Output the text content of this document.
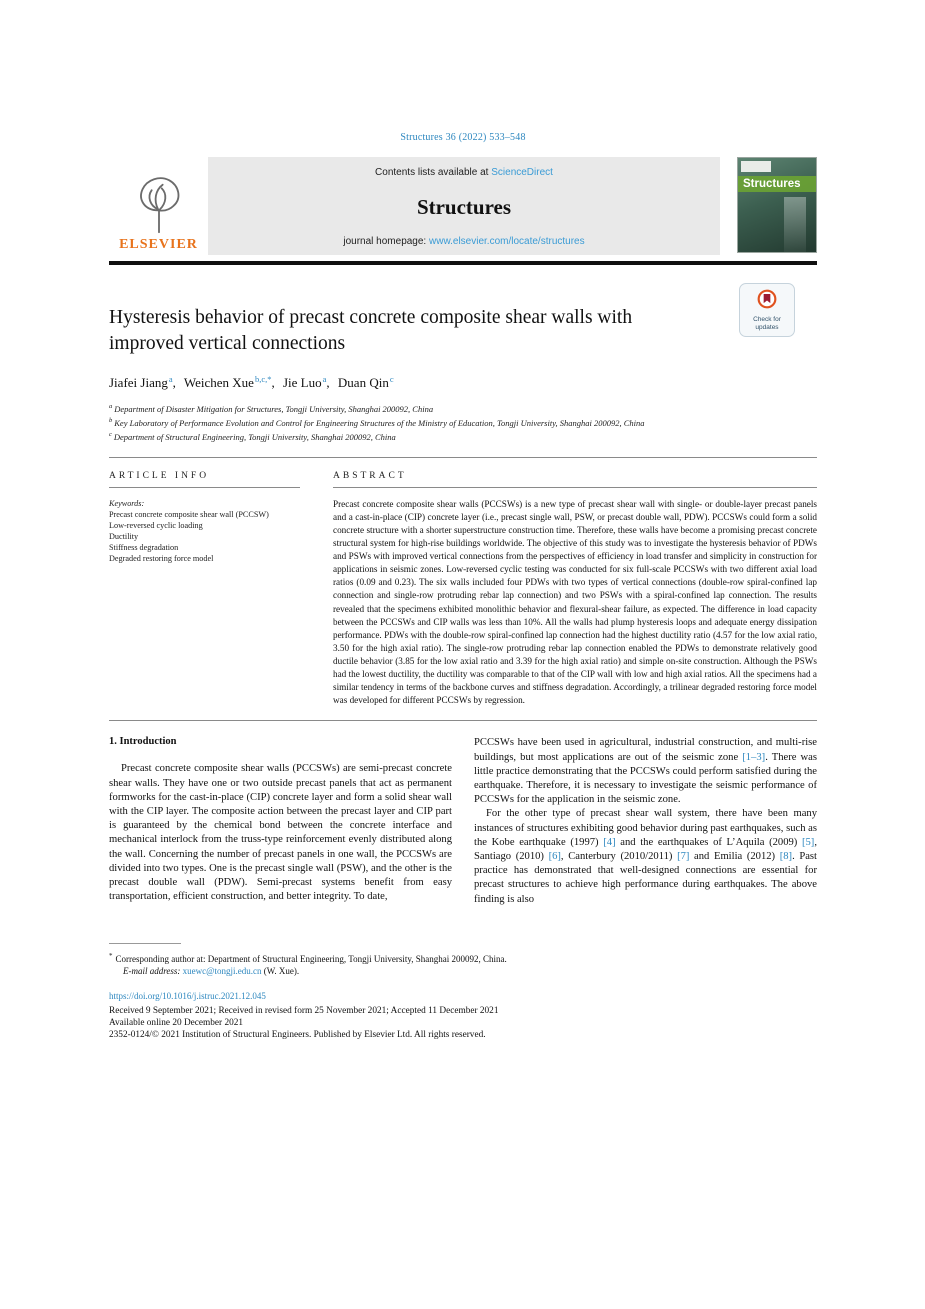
Structures 36 (2022) 533–548
ELSEVIER
Contents lists available at ScienceDirect
Structures
journal homepage: www.elsevier.com/locate/structures
Structures
Hysteresis behavior of precast concrete composite shear walls with improved vertical connections
Check for updates
Jiafei Jiang$^a$, Weichen Xue$^{b,c,*}$, Jie Luo$^a$, Duan Qin$^c$
$^a$ Department of Disaster Mitigation for Structures, Tongji University, Shanghai 200092, China
$^b$ Key Laboratory of Performance Evolution and Control for Engineering Structures of the Ministry of Education, Tongji University, Shanghai 200092, China
$^c$ Department of Structural Engineering, Tongji University, Shanghai 200092, China
ARTICLE INFO
Keywords:
Precast concrete composite shear wall (PCCSW)
Low-reversed cyclic loading
Ductility
Stiffness degradation
Degraded restoring force model
ABSTRACT

Precast concrete composite shear walls (PCCSWs) is a new type of precast shear wall with single- or double-layer precast panels and a cast-in-place (CIP) concrete layer (i.e., precast single wall, PSW, or precast double wall, PDW). PCCSWs could form a solid concrete structure with a shorter superstructure construction time. Therefore, these walls have become a promising precast concrete structural system for high-rise buildings worldwide. The objective of this study was to investigate the hysteresis behavior of PDWs and PSWs with improved vertical connections from the perspectives of efficiency in load transfer and simplicity in construction for applications in seismic zones. Low-reversed cyclic testing was conducted for six full-scale PCCSWs with two different axial load ratios (0.09 and 0.23). The six walls included four PDWs with two types of vertical connections (double-row spiral-confined lap connection and single-row protruding rebar lap connection) and two PSWs with a spiral-confined lap connection. The results revealed that the specimens exhibited monolithic behavior and flexural-shear failure, as expected. The difference in load capacity between the PCCSWs and CIP walls was less than 10%. All the walls had plump hysteresis loops and adequate energy dissipation performance. PDWs with the double-row spiral-confined lap connection had the highest ductility ratio (4.57 for the low axial ratio, 3.50 for the high axial ratio). The single-row protruding rebar lap connection enabled the PDWs to demonstrate relatively good ductile behavior (3.85 for the low axial ratio and 3.39 for the high axial ratio) and simple on-site construction. Although the PSWs had the lowest ductility, the ductility was comparable to that of the CIP wall with low and high axial ratios. All the specimens had a similar tendency in terms of the backbone curves and stiffness degradation. Accordingly, a trilinear degraded restoring force model was developed for different PCCSWs by regression.

1. Introduction

Precast concrete composite shear walls (PCCSWs) are semi-precast concrete shear walls. They have one or two outside precast panels that act as permanent formworks for the cast-in-place (CIP) concrete layer and form a solid shear wall with the CIP layer. The composite action between the precast layer and CIP part is guaranteed by the chemical bond between the concrete interface and mechanical interlock from the truss-type reinforcement evenly distributed along the wall. Concerning the number of precast panels in one wall, the PCCSWs are divided into two types. One is the precast single wall (PSW), and the other is the precast double wall (PDW). Semi-precast systems benefit from easy transportation, efficient construction, and better integrity. To date,

PCCSWs have been used in agricultural, industrial construction, and multi-rise buildings, but most applications are out of the seismic zone [1–3]. There was little practice demonstrating that the PCCSWs could perform satisfied during the earthquake. Therefore, it is necessary to investigate the seismic performance of PCCSWs for the application in the seismic zone.

For the other type of precast shear wall system, there have been many instances of structures exhibiting good behavior during past earthquakes, such as the Kobe earthquake (1997) [4] and the earthquakes of L’Aquila (2009) [5], Santiago (2010) [6], Canterbury (2010/2011) [7] and Emilia (2012) [8]. Past practice has demonstrated that well-designed connections are essential for precast structures to achieve high performance during earthquakes. The above finding is also

* Corresponding author at: Department of Structural Engineering, Tongji University, Shanghai 200092, China.
E-mail address: xuewc@tongji.edu.cn (W. Xue).
https://doi.org/10.1016/j.istruc.2021.12.045
Received 9 September 2021; Received in revised form 25 November 2021; Accepted 11 December 2021
Available online 20 December 2021
2352-0124/© 2021 Institution of Structural Engineers. Published by Elsevier Ltd. All rights reserved.
